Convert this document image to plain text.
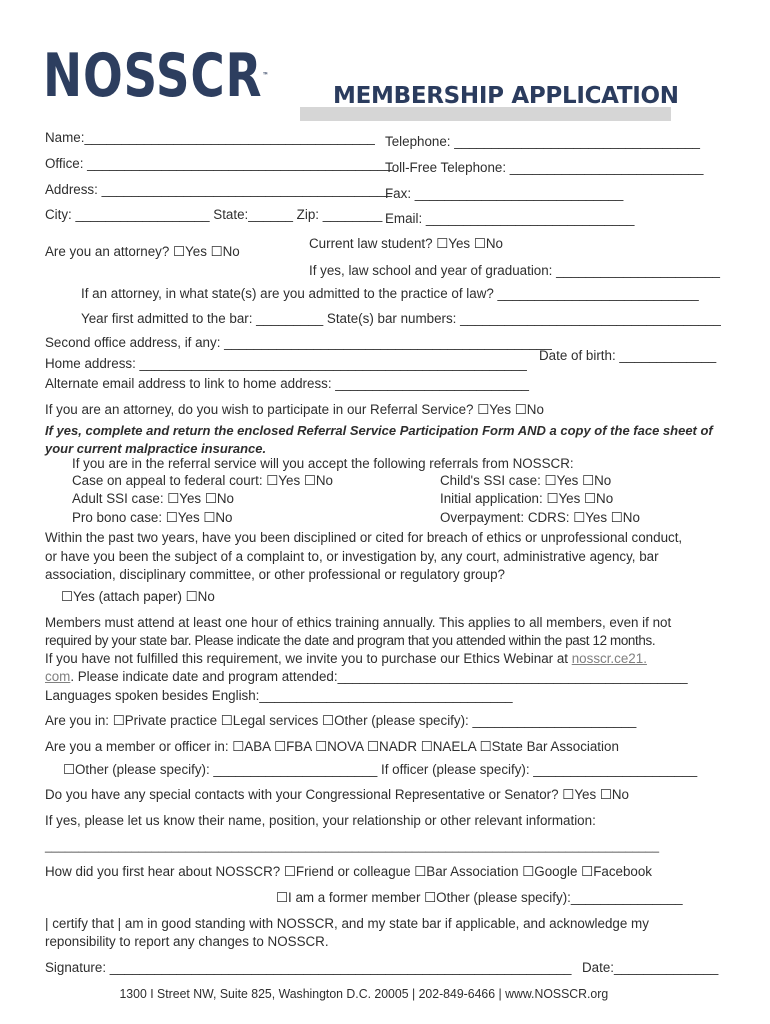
NOSSCR™
MEMBERSHIP APPLICATION
Name:_______________________________________ Telephone: _________________________________
Office: _________________________________________
Toll-Free Telephone: __________________________
Address: _______________________________________
Fax: ____________________________
City: __________________ State:______ Zip: ________ Email: ____________________________
Are you an attorney? ☐Yes ☐No
Current law student? ☐Yes ☐No
If yes, law school and year of graduation: ______________________
If an attorney, in what state(s) are you admitted to the practice of law? ___________________________
Year first admitted to the bar: _________ State(s) bar numbers: ___________________________________
Second office address, if any: ____________________________________________
Home address: ____________________________________________________
Date of birth: _____________
Alternate email address to link to home address: __________________________
If you are an attorney, do you wish to participate in our Referral Service? ☐Yes ☐No
If yes, complete and return the enclosed Referral Service Participation Form AND a copy of the face sheet of
your current malpractice insurance.
If you are in the referral service will you accept the following referrals from NOSSCR:
Case on appeal to federal court: ☐Yes ☐No	Child's SSI case: ☐Yes ☐No
Adult SSI case: ☐Yes ☐No	Initial application: ☐Yes ☐No
Pro bono case: ☐Yes ☐No	Overpayment: CDRS: ☐Yes ☐No
Within the past two years, have you been disciplined or cited for breach of ethics or unprofessional conduct,
or have you been the subject of a complaint to, or investigation by, any court, administrative agency, bar
association, disciplinary committee, or other professional or regulatory group?
☐Yes (attach paper) ☐No
Members must attend at least one hour of ethics training annually. This applies to all members, even if not
required by your state bar. Please indicate the date and program that you attended within the past 12 months.
If you have not fulfilled this requirement, we invite you to purchase our Ethics Webinar at nosscr.ce21.
com. Please indicate date and program attended:_______________________________________________
Languages spoken besides English:__________________________________
Are you in: ☐Private practice ☐Legal services ☐Other (please specify): ______________________
Are you a member or officer in: ☐ABA ☐FBA ☐NOVA ☐NADR ☐NAELA ☐State Bar Association
☐Other (please specify): ______________________ If officer (please specify): ______________________
Do you have any special contacts with your Congressional Representative or Senator? ☐Yes ☐No
If yes, please let us know their name, position, your relationship or other relevant information:
____________________________________________________________________________________________
How did you first hear about NOSSCR? ☐Friend or colleague ☐Bar Association ☐Google ☐Facebook
☐I am a former member ☐Other (please specify):_______________
| certify that | am in good standing with NOSSCR, and my state bar if applicable, and acknowledge my
reponsibility to report any changes to NOSSCR.
Signature: ______________________________________________________________ Date:______________
1300 I Street NW, Suite 825, Washington D.C. 20005 | 202-849-6466 | www.NOSSCR.org
